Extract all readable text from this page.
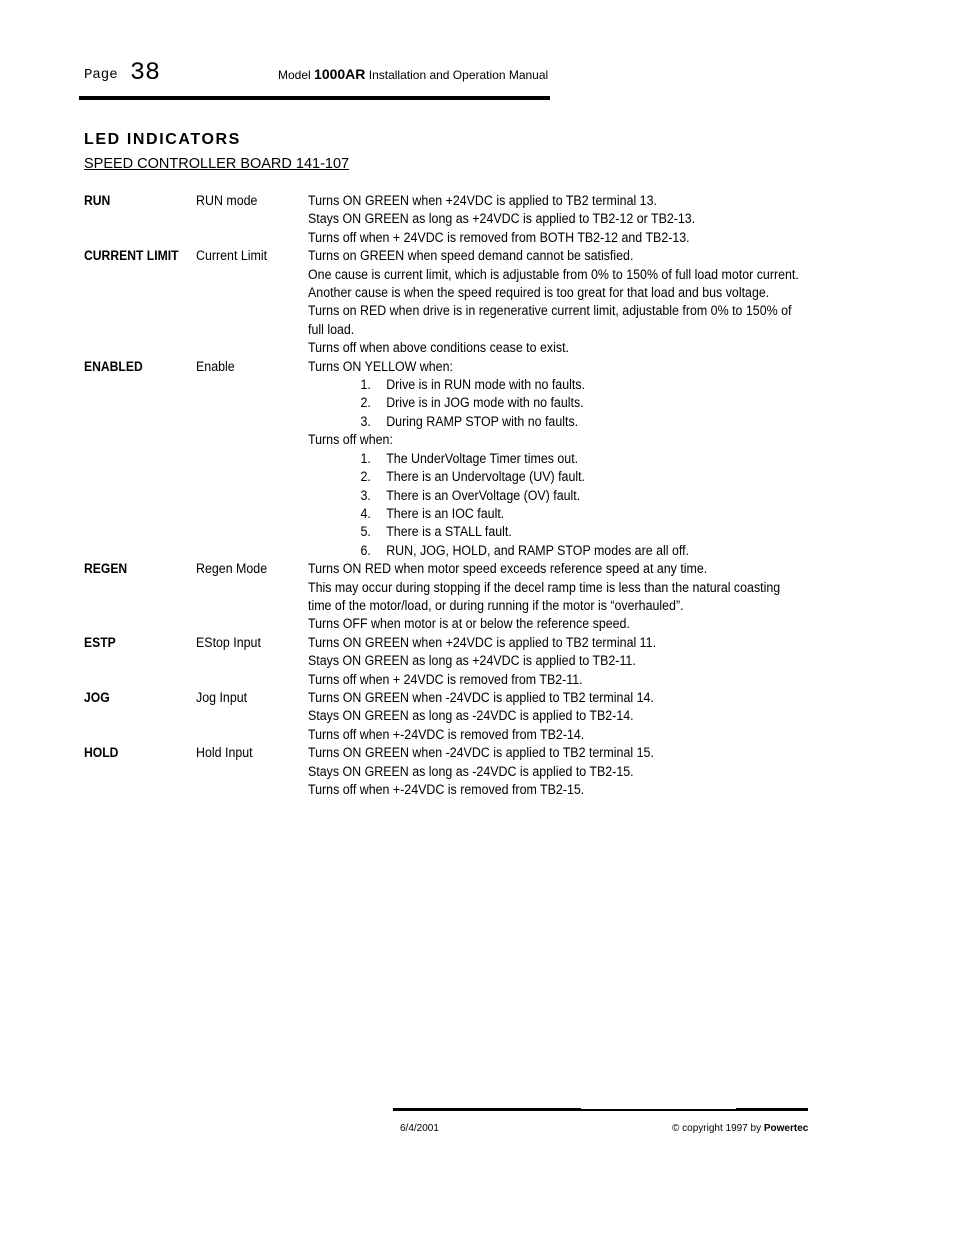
Page 38	Model 1000AR Installation and Operation Manual
LED INDICATORS
SPEED CONTROLLER BOARD 141-107
RUN	RUN mode	Turns ON GREEN when +24VDC is applied to TB2 terminal 13.
Stays ON GREEN as long as +24VDC is applied to TB2-12 or TB2-13.
Turns off when + 24VDC is removed from BOTH TB2-12 and TB2-13.
CURRENT LIMIT	Current Limit	Turns on GREEN when speed demand cannot be satisfied.
One cause is current limit, which is adjustable from 0% to 150% of full load motor current.
Another cause is when the speed required is too great for that load and bus voltage.
Turns on RED when drive is in regenerative current limit, adjustable from 0% to 150% of
full load.
Turns off when above conditions cease to exist.
ENABLED	Enable	Turns ON YELLOW when:
1. Drive is in RUN mode with no faults.
2. Drive is in JOG mode with no faults.
3. During RAMP STOP with no faults.
Turns off when:
1. The UnderVoltage Timer times out.
2. There is an Undervoltage (UV) fault.
3. There is an OverVoltage (OV) fault.
4. There is an IOC fault.
5. There is a STALL fault.
6. RUN, JOG, HOLD, and RAMP STOP modes are all off.
REGEN	Regen Mode	Turns ON RED when motor speed exceeds reference speed at any time.
This may occur during stopping if the decel ramp time is less than the natural coasting
time of the motor/load, or during running if the motor is “overhauled”.
Turns OFF when motor is at or below the reference speed.
ESTP	EStop Input	Turns ON GREEN when +24VDC is applied to TB2 terminal 11.
Stays ON GREEN as long as +24VDC is applied to TB2-11.
Turns off when + 24VDC is removed from TB2-11.
JOG	Jog Input	Turns ON GREEN when -24VDC is applied to TB2 terminal 14.
Stays ON GREEN as long as -24VDC is applied to TB2-14.
Turns off when +-24VDC is removed from TB2-14.
HOLD	Hold Input	Turns ON GREEN when -24VDC is applied to TB2 terminal 15.
Stays ON GREEN as long as -24VDC is applied to TB2-15.
Turns off when +-24VDC is removed from TB2-15.
6/4/2001	© copyright 1997 by Powertec
